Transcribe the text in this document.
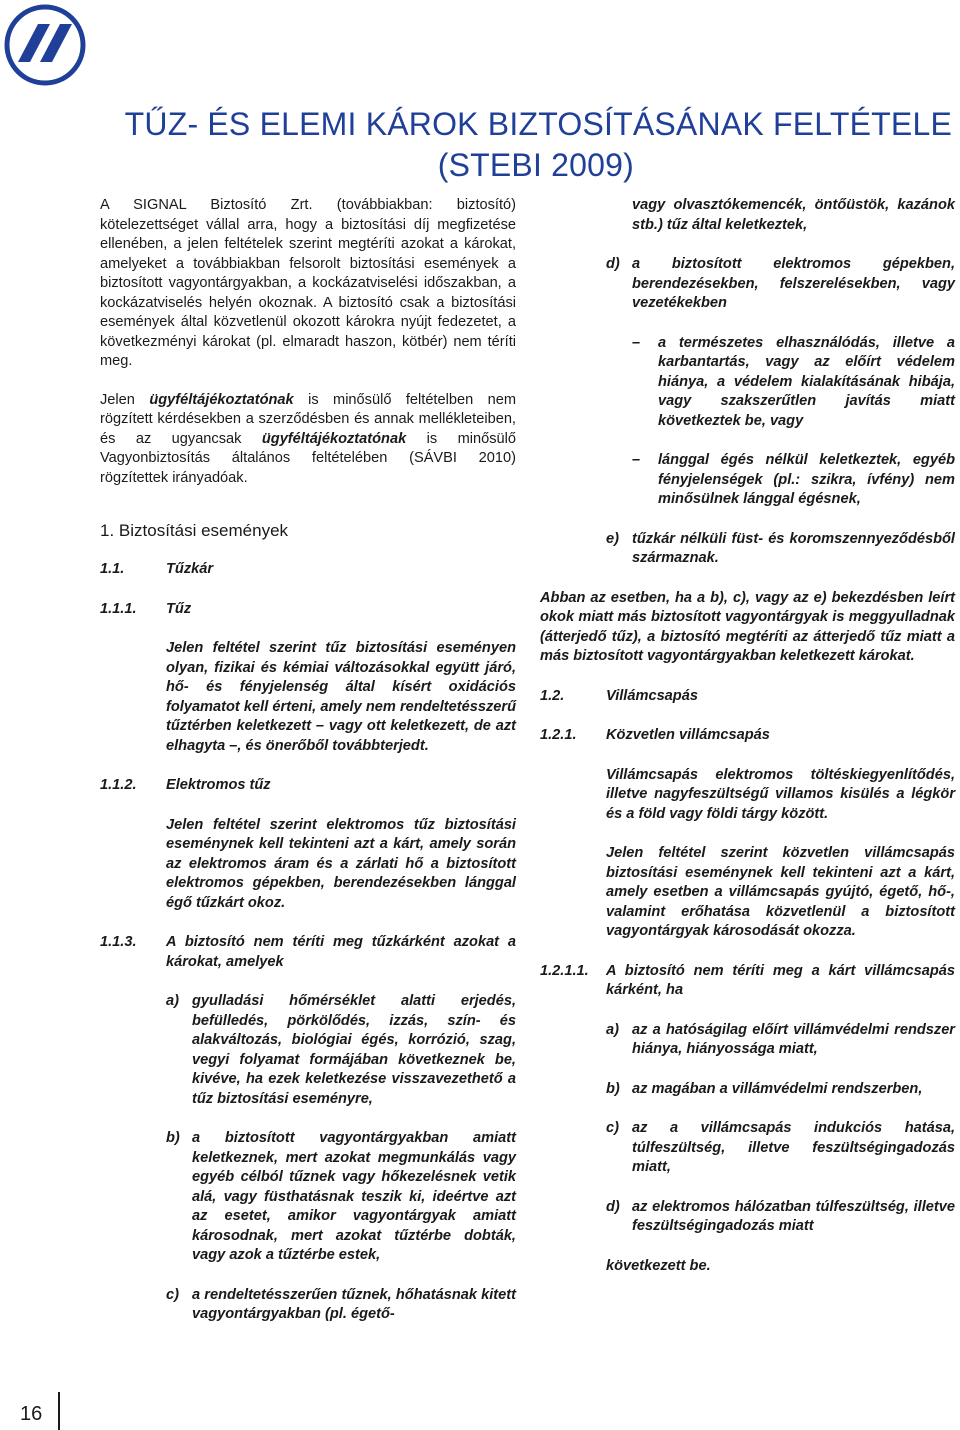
TŰZ- ÉS ELEMI KÁROK BIZTOSÍTÁSÁNAK FELTÉTELE
(STEBI 2009)

A SIGNAL Biztosító Zrt. (továbbiakban: biztosító) kötelezettséget vállal arra, hogy a biztosítási díj megfizetése ellenében, a jelen feltételek szerint megtéríti azokat a károkat, amelyeket a továbbiakban felsorolt biztosítási események a biztosított vagyontárgyakban, a kockázatviselési időszakban, a kockázatviselés helyén okoznak. A biztosító csak a biztosítási események által közvetlenül okozott károkra nyújt fedezetet, a következményi károkat (pl. elmaradt haszon, kötbér) nem téríti meg.

Jelen ügyféltájékoztatónak is minősülő feltételben nem rögzített kérdésekben a szerződésben és annak mellékleteiben, és az ugyancsak ügyféltájékoztatónak is minősülő Vagyonbiztosítás általános feltételében (SÁVBI 2010) rögzítettek irányadóak.

1. Biztosítási események
1.1.	Tűzkár
1.1.1.	Tűz

Jelen feltétel szerint tűz biztosítási eseményen olyan, fizikai és kémiai változásokkal együtt járó, hő- és fényjelenség által kísért oxidációs folyamatot kell érteni, amely nem rendeltetésszerű tűztérben keletkezett – vagy ott keletkezett, de azt elhagyta –, és önerőből továbbterjedt.

1.1.2.	Elektromos tűz

Jelen feltétel szerint elektromos tűz biztosítási eseménynek kell tekinteni azt a kárt, amely során az elektromos áram és a zárlati hő a biztosított elektromos gépekben, berendezésekben lánggal égő tűzkárt okoz.

1.1.3.	A biztosító nem téríti meg tűzkárként azokat a károkat, amelyek
a) gyulladási hőmérséklet alatti erjedés, befülledés, pörkölődés, izzás, szín- és alakváltozás, biológiai égés, korrózió, szag, vegyi folyamat formájában következnek be, kivéve, ha ezek keletkezése visszavezethető a tűz biztosítási eseményre,
b) a biztosított vagyontárgyakban amiatt keletkeznek, mert azokat megmunkálás vagy egyéb célból tűznek vagy hőkezelésnek vetik alá, vagy füsthatásnak teszik ki, ideértve azt az esetet, amikor vagyontárgyak amiatt károsodnak, mert azokat tűztérbe dobták, vagy azok a tűztérbe estek,
c) a rendeltetésszerűen tűznek, hőhatásnak kitett vagyontárgyakban (pl. égető-

vagy olvasztókemencék, öntőüstök, kazánok stb.) tűz által keletkeztek,

d) a biztosított elektromos gépekben, berendezésekben, felszerelésekben, vagy vezetékekben
–	a természetes elhasználódás, illetve a karbantartás, vagy az előírt védelem hiánya, a védelem kialakításának hibája, vagy szakszerűtlen javítás miatt következtek be, vagy
–	lánggal égés nélkül keletkeztek, egyéb fényjelenségek (pl.: szikra, ívfény) nem minősülnek lánggal égésnek,
e) tűzkár nélküli füst- és koromszennyeződésből származnak.

Abban az esetben, ha a b), c), vagy az e) bekezdésben leírt okok miatt más biztosított vagyontárgyak is meggyulladnak (átterjedő tűz), a biztosító megtéríti az átterjedő tűz miatt a más biztosított vagyontárgyakban keletkezett károkat.

1.2.	Villámcsapás
1.2.1.	Közvetlen villámcsapás

Villámcsapás elektromos töltéskiegyenlítődés, illetve nagyfeszültségű villamos kisülés a légkör és a föld vagy földi tárgy között.

Jelen feltétel szerint közvetlen villámcsapás biztosítási eseménynek kell tekinteni azt a kárt, amely esetben a villámcsapás gyújtó, égető, hő-, valamint erőhatása közvetlenül a biztosított vagyontárgyak károsodását okozza.

1.2.1.1.	A biztosító nem téríti meg a kárt villámcsapás kárként, ha
a) az a hatóságilag előírt villámvédelmi rendszer hiánya, hiányossága miatt,
b) az magában a villámvédelmi rendszerben,
c) az a villámcsapás indukciós hatása, túlfeszültség, illetve feszültségingadozás miatt,
d) az elektromos hálózatban túlfeszültség, illetve feszültségingadozás miatt

következett be.

16
